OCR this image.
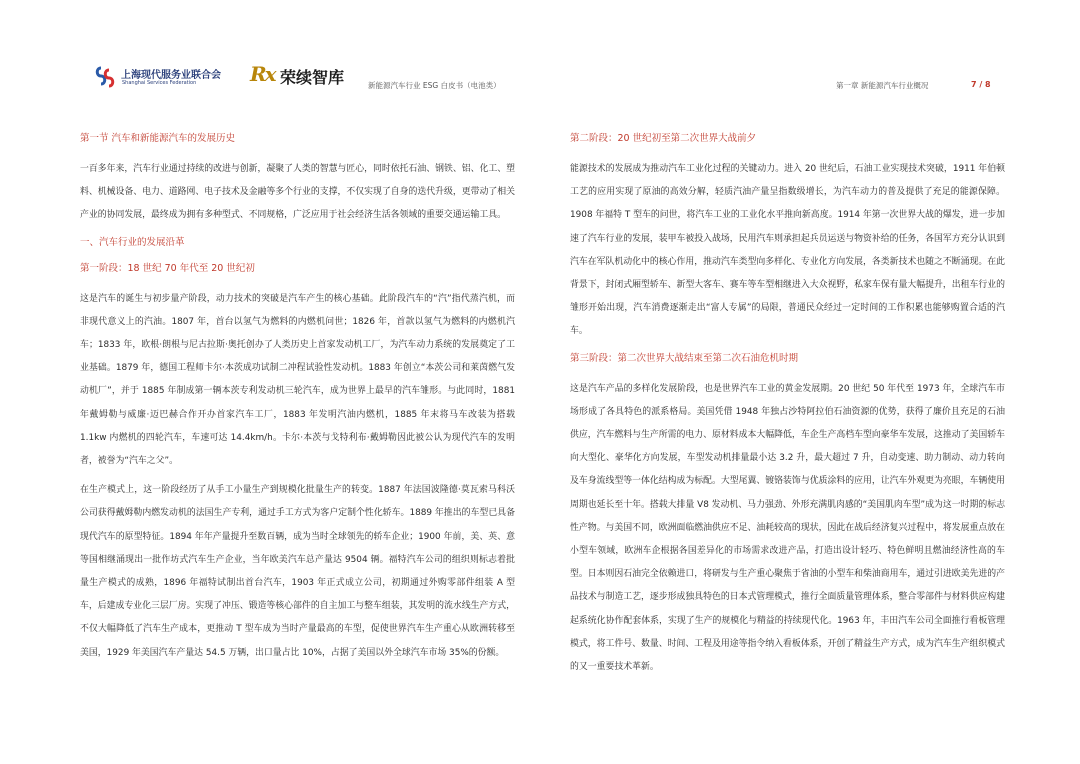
上海现代服务业联合会
Shanghai Services Federation	Rx 荣续智库	新能源汽车行业 ESG 白皮书（电池类）	第一章 新能源汽车行业概况	7 / 8
第一节 汽车和新能源汽车的发展历史

一百多年来，汽车行业通过持续的改进与创新，凝聚了人类的智慧与匠心，同时依托石油、钢铁、铝、化工、塑料、机械设备、电力、道路网、电子技术及金融等多个行业的支撑，不仅实现了自身的迭代升级，更带动了相关产业的协同发展，最终成为拥有多种型式、不同规格，广泛应用于社会经济生活各领域的重要交通运输工具。

一、汽车行业的发展沿革
第一阶段：18 世纪 70 年代至 20 世纪初

这是汽车的诞生与初步量产阶段，动力技术的突破是汽车产生的核心基础。此阶段汽车的“汽”指代蒸汽机，而非现代意义上的汽油。1807 年，首台以氢气为燃料的内燃机问世；1826 年，首款以氢气为燃料的内燃机汽车；1833 年，欧根·朗根与尼古拉斯·奥托创办了人类历史上首家发动机工厂，为汽车动力系统的发展奠定了工业基础。1879 年，德国工程师卡尔·本茨成功试制二冲程试验性发动机。1883 年创立“本茨公司和莱茵燃气发动机厂”，并于 1885 年制成第一辆本茨专利发动机三轮汽车，成为世界上最早的汽车雏形。与此同时，1881 年戴姆勒与威廉·迈巴赫合作开办首家汽车工厂，1883 年发明汽油内燃机，1885 年末将马车改装为搭载 1.1kw 内燃机的四轮汽车，车速可达 14.4km/h。卡尔·本茨与戈特利布·戴姆勒因此被公认为现代汽车的发明者，被誉为“汽车之父”。

在生产模式上，这一阶段经历了从手工小量生产到规模化批量生产的转变。1887 年法国波隆德·莫瓦索马科沃公司获得戴姆勒内燃发动机的法国生产专利，通过手工方式为客户定制个性化轿车。1889 年推出的车型已具备现代汽车的原型特征。1894 年年产量提升至数百辆，成为当时全球领先的轿车企业；1900 年前，美、英、意等国相继涌现出一批作坊式汽车生产企业，当年欧美汽车总产量达 9504 辆。福特汽车公司的组织则标志着批量生产模式的成熟，1896 年福特试制出首台汽车，1903 年正式成立公司，初期通过外购零部件组装 A 型车，后建成专业化三层厂房。实现了冲压、锻造等核心部件的自主加工与整车组装，其发明的流水线生产方式，不仅大幅降低了汽车生产成本，更推动 T 型车成为当时产量最高的车型，促使世界汽车生产重心从欧洲转移至美国，1929 年美国汽车产量达 54.5 万辆，出口量占比 10%，占据了美国以外全球汽车市场 35%的份额。

第二阶段：20 世纪初至第二次世界大战前夕

能源技术的发展成为推动汽车工业化过程的关键动力。进入 20 世纪后，石油工业实现技术突破，1911 年伯顿工艺的应用实现了原油的高效分解，轻质汽油产量呈指数级增长，为汽车动力的普及提供了充足的能源保障。1908 年福特 T 型车的问世，将汽车工业的工业化水平推向新高度。1914 年第一次世界大战的爆发，进一步加速了汽车行业的发展，装甲车被投入战场，民用汽车则承担起兵员运送与物资补给的任务，各国军方充分认识到汽车在军队机动化中的核心作用，推动汽车类型向多样化、专业化方向发展，各类新技术也随之不断涌现。在此背景下，封闭式厢型轿车、新型大客车、赛车等车型相继进入大众视野，私家车保有量大幅提升，出租车行业的雏形开始出现，汽车消费逐渐走出“富人专属”的局限，普通民众经过一定时间的工作积累也能够购置合适的汽车。

第三阶段：第二次世界大战结束至第二次石油危机时期

这是汽车产品的多样化发展阶段，也是世界汽车工业的黄金发展期。20 世纪 50 年代至 1973 年，全球汽车市场形成了各具特色的派系格局。美国凭借 1948 年独占沙特阿拉伯石油资源的优势，获得了廉价且充足的石油供应，汽车燃料与生产所需的电力、原材料成本大幅降低，车企生产高档车型向豪华车发展，这推动了美国轿车向大型化、豪华化方向发展，车型发动机排量最小达 3.2 升，最大超过 7 升，自动变速、助力制动、动力转向及车身流线型等一体化结构成为标配。大型尾翼、镀铬装饰与优质涂料的应用，让汽车外观更为亮眼，车辆使用周期也延长至十年。搭载大排量 V8 发动机、马力强劲、外形充满肌肉感的“美国肌肉车型”成为这一时期的标志性产物。与美国不同，欧洲面临燃油供应不足、油耗较高的现状，因此在战后经济复兴过程中，将发展重点放在小型车领域，欧洲车企根据各国差异化的市场需求改进产品，打造出设计轻巧、特色鲜明且燃油经济性高的车型。日本则因石油完全依赖进口，将研发与生产重心聚焦于省油的小型车和柴油商用车，通过引进欧美先进的产品技术与制造工艺，逐步形成独具特色的日本式管理模式，推行全面质量管理体系，整合零部件与材料供应构建起系统化协作配套体系，实现了生产的规模化与精益的持续现代化。1963 年，丰田汽车公司全面推行看板管理模式，将工件号、数量、时间、工程及用途等指令纳入看板体系，开创了精益生产方式，成为汽车生产组织模式的又一重要技术革新。
